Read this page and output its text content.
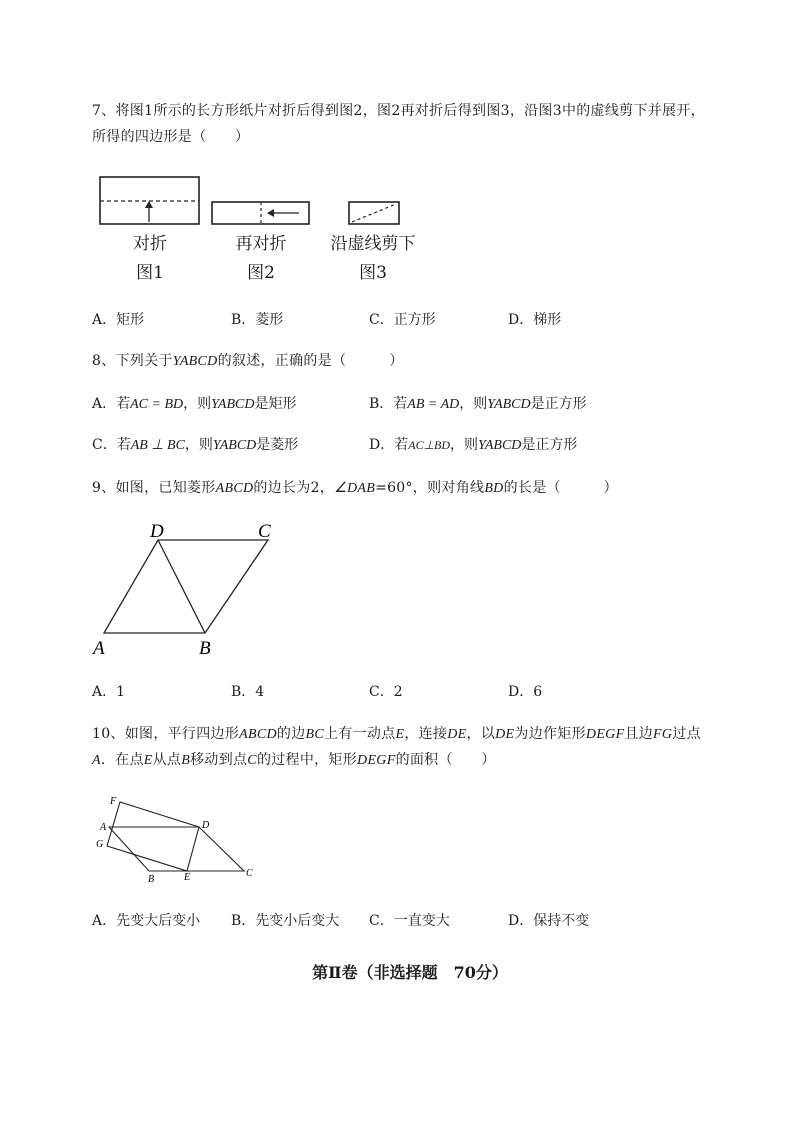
7、将图1所示的长方形纸片对折后得到图2，图2再对折后得到图3，沿图3中的虚线剪下并展开，
所得的四边形是（　　）
对折	再对折	沿虚线剪下
图1	图2	图3
A．矩形	B．菱形	C．正方形	D．梯形
8、下列关于YABCD的叙述，正确的是（　　　）
A．若AC = BD，则YABCD是矩形	B．若AB = AD，则YABCD是正方形
C．若AB ⊥ BC，则YABCD是菱形	D．若AC⊥BD，则YABCD是正方形
9、如图，已知菱形ABCD的边长为2，∠DAB=60°，则对角线BD的长是（　　　）
D	C
A	B
A．1	B．4	C．2	D．6
10、如图，平行四边形ABCD的边BC上有一动点E，连接DE，以DE为边作矩形DEGF且边FG过点
A．在点E从点B移动到点C的过程中，矩形DEGF的面积（　　）
F
A	D
G
B	E	C
A．先变大后变小 B．先变小后变大 C．一直变大	D．保持不变
第Ⅱ卷（非选择题　70分）
